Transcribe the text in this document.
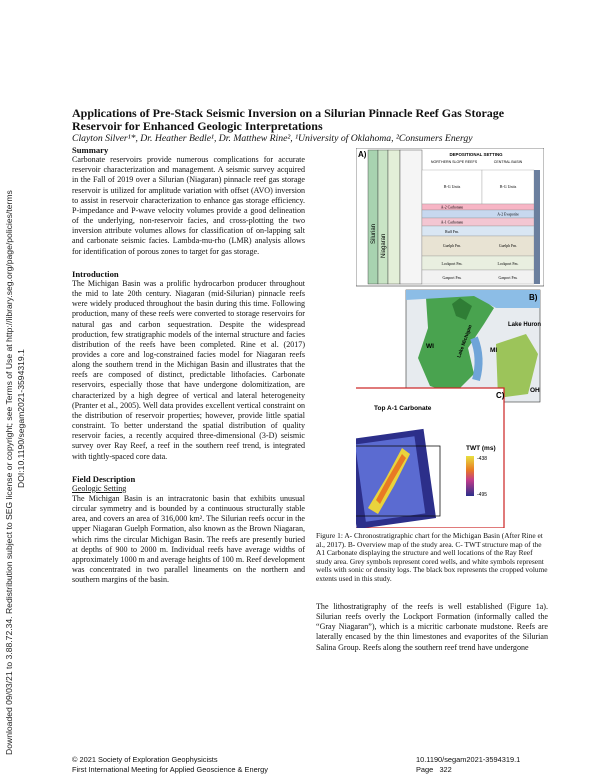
Downloaded 09/03/21 to 3.88.72.34. Redistribution subject to SEG license or copyright; see Terms of Use at http://library.seg.org/page/policies/terms DOI:10.1190/segam2021-3594319.1
Applications of Pre-Stack Seismic Inversion on a Silurian Pinnacle Reef Gas Storage Reservoir for Enhanced Geologic Interpretations
Clayton Silver¹*, Dr. Heather Bedle¹, Dr. Matthew Rine², ¹University of Oklahoma, ²Consumers Energy
Summary

Carbonate reservoirs provide numerous complications for accurate reservoir characterization and management. A seismic survey acquired in the Fall of 2019 over a Silurian (Niagaran) pinnacle reef gas storage reservoir is utilized for amplitude variation with offset (AVO) inversion to assist in reservoir characterization to enhance gas storage efficiency. P-impedance and P-wave velocity volumes provide a good delineation of the underlying, non-reservoir facies, and cross-plotting the two inversion attribute volumes allows for classification of on-lapping salt and carbonate seismic facies. Lambda-mu-rho (LMR) analysis allows for identification of porous zones to target for gas storage.

Introduction

The Michigan Basin was a prolific hydrocarbon producer throughout the mid to late 20th century. Niagaran (mid-Silurian) pinnacle reefs were widely produced throughout the basin during this time. Following production, many of these reefs were converted to storage reservoirs for natural gas and carbon sequestration. Despite the widespread production, few stratigraphic models of the internal structure and facies distribution of the reefs have been completed. Rine et al. (2017) provides a core and log-constrained facies model for Niagaran reefs along the southern trend in the Michigan Basin and illustrates that the reefs are composed of distinct, predictable lithofacies. Carbonate reservoirs, especially those that have undergone dolomitization, are characterized by a high degree of vertical and lateral heterogeneity (Pranter et al., 2005). Well data provides excellent vertical constraint on the distribution of reservoir properties; however, provide little spatial constraint. To better understand the spatial distribution of quality reservoir facies, a recently acquired three-dimensional (3-D) seismic survey over Ray Reef, a reef in the southern reef trend, is integrated with tightly-spaced core data.

Field Description

Geologic Setting

The Michigan Basin is an intracratonic basin that exhibits unusual circular symmetry and is bounded by a continuous structurally stable area, and covers an area of 316,000 km². The Silurian reefs occur in the upper Niagaran Guelph Formation, also known as the Brown Niagaran, which rims the circular Michigan Basin. The reefs are presently buried at depths of 900 to 2000 m. Individual reefs have average widths of approximately 1000 m and average heights of 100 m. Reef development was concentrated in two parallel lineaments on the northern and southern margins of the basin.

A)
Silurian Niagaran
DEPOSITIONAL SETTING
NORTHERN SLOPE REEFS	CENTRAL BASIN
B-G Units	B-G Units
A-2 Carbonate
A-2 Evaporite
A-1 Carbonate
Ruff Fm.
Guelph Fm.	Guelph Fm.
Lockport Fm.	Lockport Fm.
Gasport Fm.	Gasport Fm.
B)
Lake Huron
Lake Michigan
WI
MI
OH
C)
Top A-1 Carbonate
TWT (ms)
-438
-495
Figure 1: A- Chronostratigraphic chart for the Michigan Basin (After Rine et al., 2017). B- Overview map of the study area. C- TWT structure map of the A1 Carbonate displaying the structure and well locations of the Ray Reef study area. Grey symbols represent cored wells, and white symbols represent wells with sonic or density logs. The black box represents the cropped volume extents used in this study.

The lithostratigraphy of the reefs is well established (Figure 1a). Silurian reefs overly the Lockport Formation (informally called the “Gray Niagaran”), which is a micritic carbonate mudstone. Reefs are laterally encased by the thin limestones and evaporites of the Silurian Salina Group. Reefs along the southern reef trend have undergone

© 2021 Society of Exploration Geophysicists
First International Meeting for Applied Geoscience & Energy
10.1190/segam2021-3594319.1
Page 322
